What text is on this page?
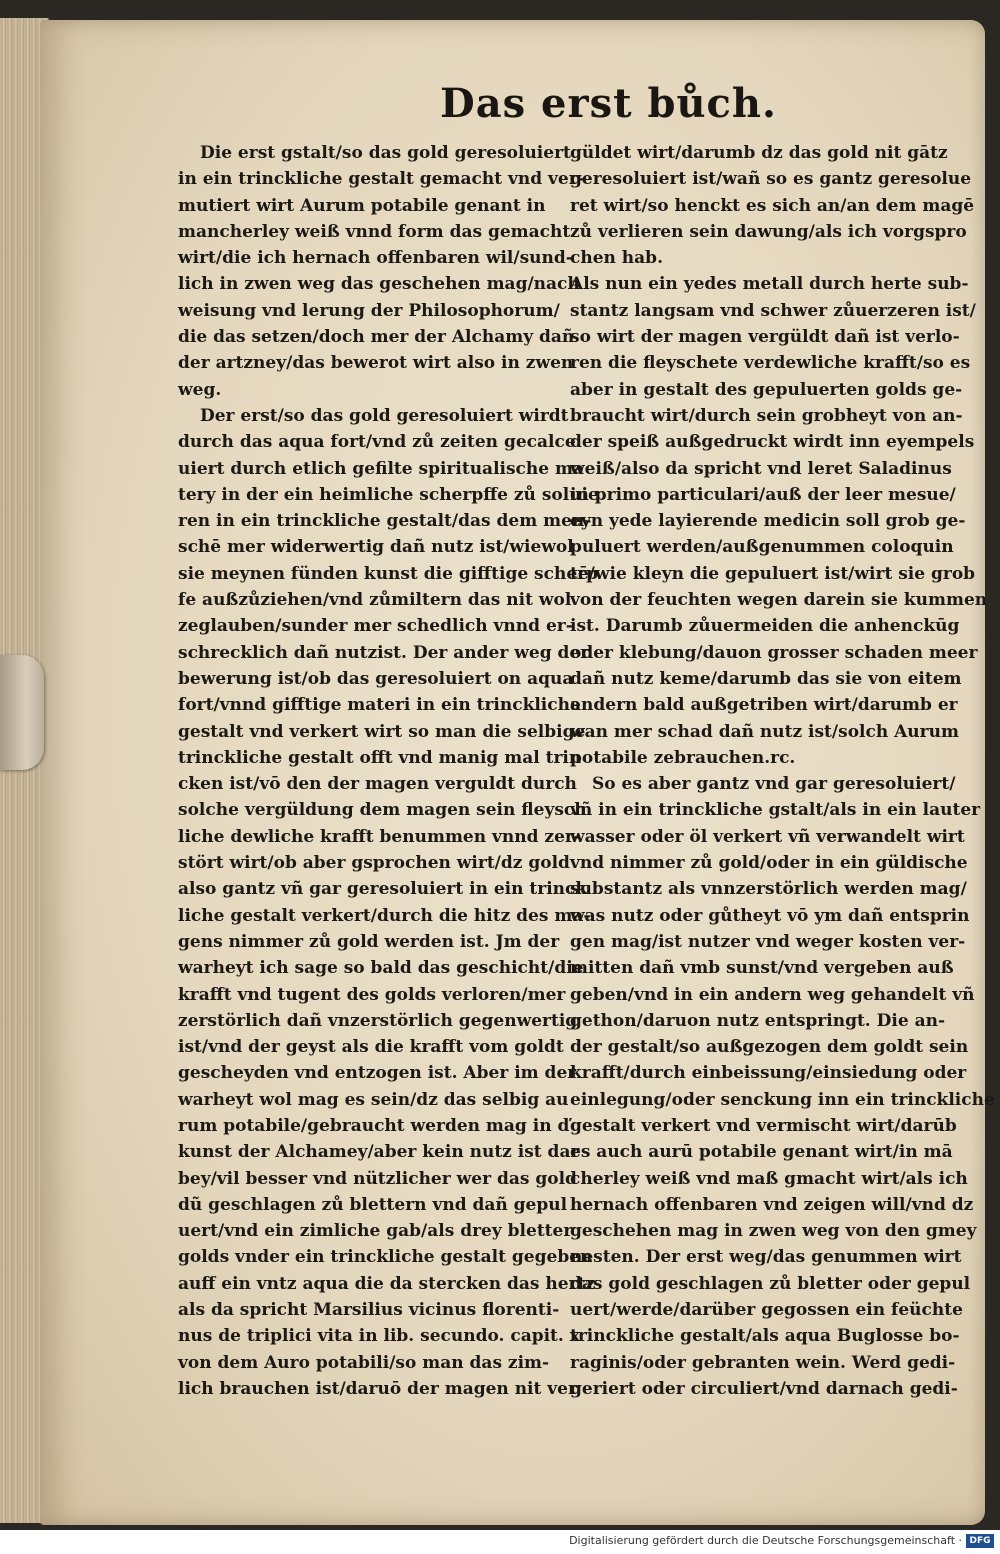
Das erst bůch.
Die erst gstalt/so das gold geresoluiert
in ein trinckliche gestalt gemacht vnd ver-
mutiert wirt Aurum potabile genant in
mancherley weiß vnnd form das gemacht
wirt/die ich hernach offenbaren wil/sund-
lich in zwen weg das geschehen mag/nach
weisung vnd lerung der Philosophorum/
die das setzen/doch mer der Alchamy dañ
der artzney/das bewerot wirt also in zwen
weg.
Der erst/so das gold geresoluiert wirdt
durch das aqua fort/vnd zů zeiten gecalce
uiert durch etlich gefilte spiritualische ma
tery in der ein heimliche scherpffe zů soluie
ren in ein trinckliche gestalt/das dem men-
schē mer widerwertig dañ nutz ist/wiewol
sie meynen fünden kunst die gifftige scherp
fe außzůziehen/vnd zůmiltern das nit wol
zeglauben/sunder mer schedlich vnnd er-
schrecklich dañ nutzist. Der ander weg der
bewerung ist/ob das geresoluiert on aqua
fort/vnnd gifftige materi in ein trinckliche
gestalt vnd verkert wirt so man die selbige
trinckliche gestalt offt vnd manig mal trin
cken ist/vō den der magen verguldt durch
solche vergüldung dem magen sein fleysch
liche dewliche krafft benummen vnnd zer-
stört wirt/ob aber gsprochen wirt/dz gold
also gantz vñ gar geresoluiert in ein trinck
liche gestalt verkert/durch die hitz des ma-
gens nimmer zů gold werden ist. Jm der
warheyt ich sage so bald das geschicht/die
krafft vnd tugent des golds verloren/mer
zerstörlich dañ vnzerstörlich gegenwertig
ist/vnd der geyst als die krafft vom goldt
gescheyden vnd entzogen ist. Aber im der
warheyt wol mag es sein/dz das selbig au
rum potabile/gebraucht werden mag in ď
kunst der Alchamey/aber kein nutz ist dar
bey/vil besser vnd nützlicher wer das gold
dũ geschlagen zů blettern vnd dañ gepul
uert/vnd ein zimliche gab/als drey bletter
golds vnder ein trinckliche gestalt gegeben
auff ein vntz aqua die da stercken das hertz
als da spricht Marsilius vicinus florenti-
nus de triplici vita in lib. secundo. capit. x
von dem Auro potabili/so man das zim-
lich brauchen ist/daruō der magen nit ver
güldet wirt/darumb dz das gold nit gātz
geresoluiert ist/wañ so es gantz geresolue
ret wirt/so henckt es sich an/an dem magē
zů verlieren sein dawung/als ich vorgspro
chen hab.
Als nun ein yedes metall durch herte sub-
stantz langsam vnd schwer zůuerzeren ist/
so wirt der magen vergüldt dañ ist verlo-
ren die fleyschete verdewliche krafft/so es
aber in gestalt des gepuluerten golds ge-
braucht wirt/durch sein grobheyt von an-
der speiß außgedruckt wirdt inn eyempels
weiß/also da spricht vnd leret Saladinus
in primo particulari/auß der leer mesue/
eyn yede layierende medicin soll grob ge-
puluert werden/außgenummen coloquin
tē/wie kleyn die gepuluert ist/wirt sie grob
von der feuchten wegen darein sie kummen
ist. Darumb zůuermeiden die anhenckūg
oder klebung/dauon grosser schaden meer
dañ nutz keme/darumb das sie von eitem
andern bald außgetriben wirt/darumb er
wan mer schad dañ nutz ist/solch Aurum
potabile zebrauchen.rc.
So es aber gantz vnd gar geresoluiert/
vñ in ein trinckliche gstalt/als in ein lauter
wasser oder öl verkert vñ verwandelt wirt
vnd nimmer zů gold/oder in ein güldische
substantz als vnnzerstörlich werden mag/
was nutz oder gůtheyt vō ym dañ entsprin
gen mag/ist nutzer vnd weger kosten ver-
mitten dañ vmb sunst/vnd vergeben auß
geben/vnd in ein andern weg gehandelt vñ
gethon/daruon nutz entspringt. Die an-
der gestalt/so außgezogen dem goldt sein
krafft/durch einbeissung/einsiedung oder
einlegung/oder senckung inn ein trinckliche
gestalt verkert vnd vermischt wirt/darūb
es auch aurū potabile genant wirt/in mā
cherley weiß vnd maß gmacht wirt/als ich
hernach offenbaren vnd zeigen will/vnd dz
geschehen mag in zwen weg von den gmey
nesten. Der erst weg/das genummen wirt
das gold geschlagen zů bletter oder gepul
uert/werde/darüber gegossen ein feüchte
trinckliche gestalt/als aqua Buglosse bo-
raginis/oder gebranten wein. Werd gedi-
geriert oder circuliert/vnd darnach gedi-
Digitalisierung gefördert durch die Deutsche Forschungsgemeinschaft · DFG
